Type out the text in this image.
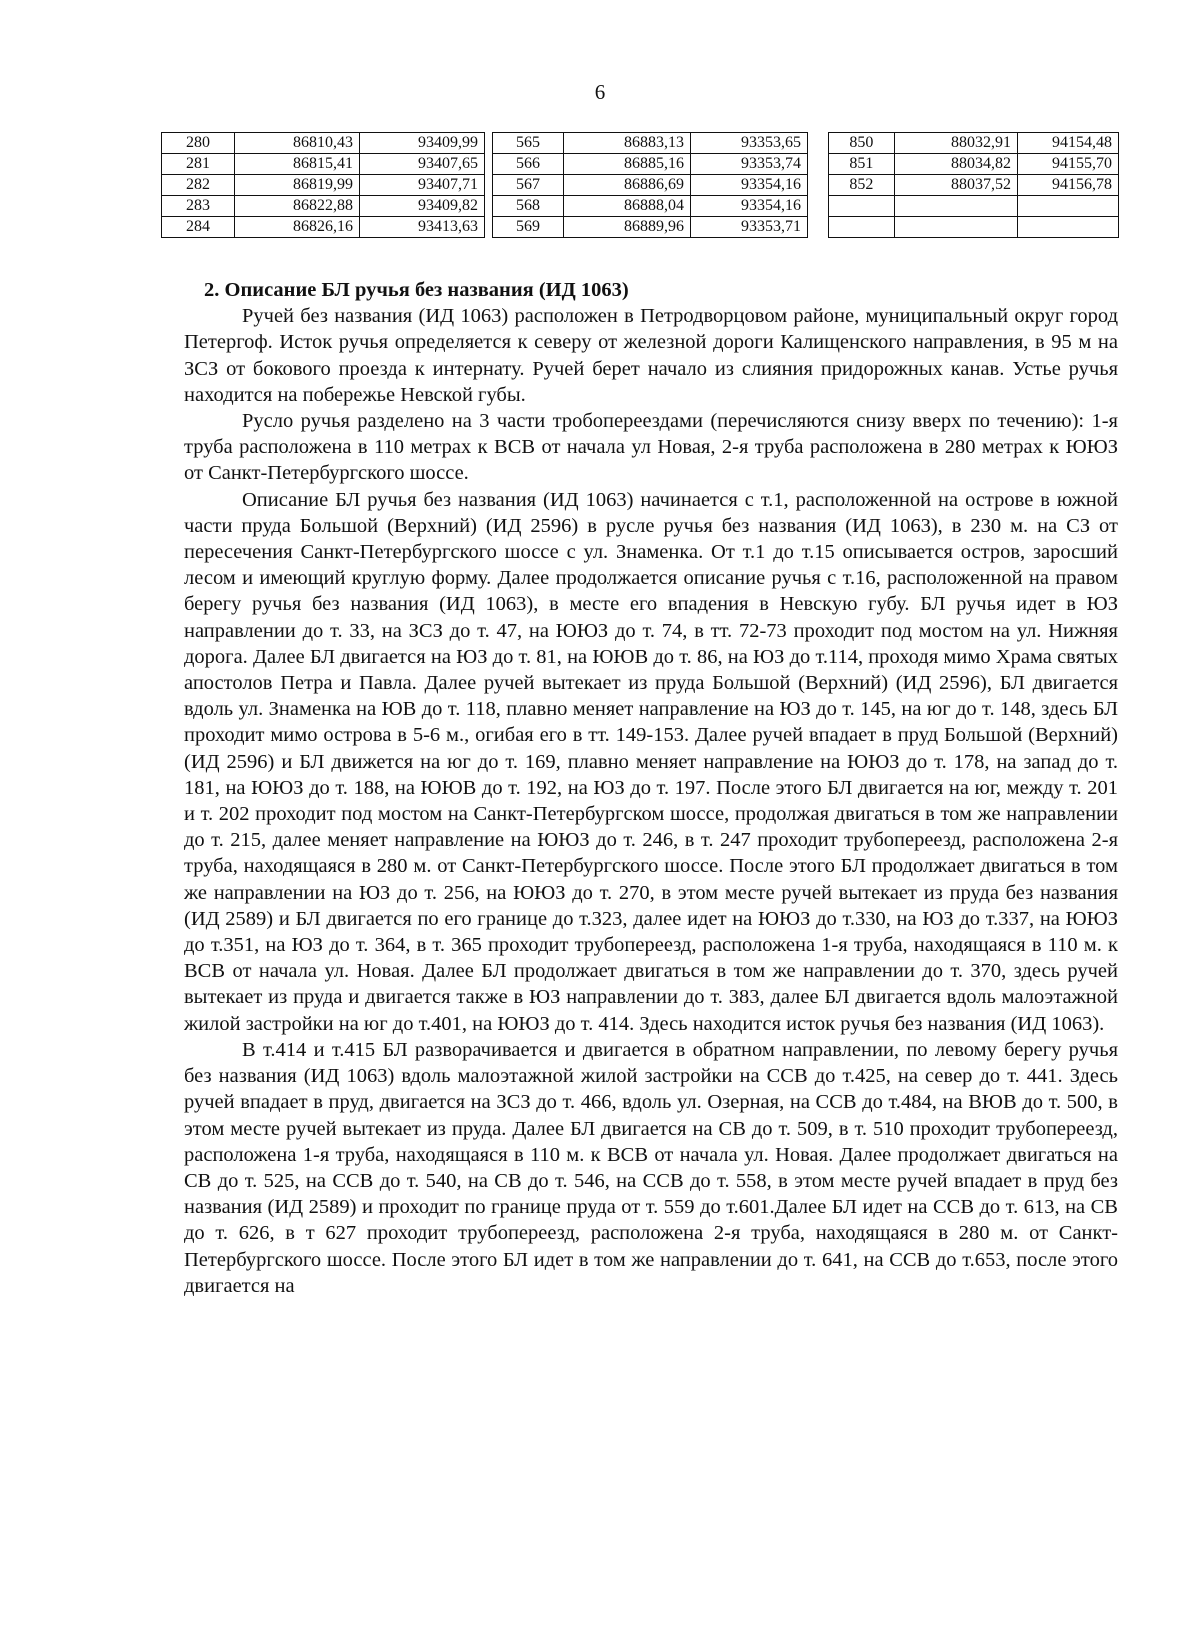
6
280	86810,43	93409,99
281	86815,41	93407,65
282	86819,99	93407,71
283	86822,88	93409,82
284	86826,16	93413,63
565	86883,13	93353,65
566	86885,16	93353,74
567	86886,69	93354,16
568	86888,04	93354,16
569	86889,96	93353,71
850	88032,91	94154,48
851	88034,82	94155,70
852	88037,52	94156,78

2. Описание БЛ ручья без названия (ИД 1063)

Ручей без названия (ИД 1063) расположен в Петродворцовом районе, муниципальный округ город Петергоф. Исток ручья определяется к северу от железной дороги Калищенского направления, в 95 м на ЗСЗ от бокового проезда к интернату. Ручей берет начало из слияния придорожных канав. Устье ручья находится на побережье Невской губы.

Русло ручья разделено на 3 части тробопереездами (перечисляются снизу вверх по течению): 1-я труба расположена в 110 метрах к ВСВ от начала ул Новая, 2-я труба расположена в 280 метрах к ЮЮЗ от Санкт-Петербургского шоссе.

Описание БЛ ручья без названия (ИД 1063) начинается с т.1, расположенной на острове в южной части пруда Большой (Верхний) (ИД 2596) в русле ручья без названия (ИД 1063), в 230 м. на СЗ от пересечения Санкт-Петербургского шоссе с ул. Знаменка. От т.1 до т.15 описывается остров, заросший лесом и имеющий круглую форму. Далее продолжается описание ручья с т.16, расположенной на правом берегу ручья без названия (ИД 1063), в месте его впадения в Невскую губу. БЛ ручья идет в ЮЗ направлении до т. 33, на ЗСЗ до т. 47, на ЮЮЗ до т. 74, в тт. 72-73 проходит под мостом на ул. Нижняя дорога. Далее БЛ двигается на ЮЗ до т. 81, на ЮЮВ до т. 86, на ЮЗ до т.114, проходя мимо Храма святых апостолов Петра и Павла. Далее ручей вытекает из пруда Большой (Верхний) (ИД 2596), БЛ двигается вдоль ул. Знаменка на ЮВ до т. 118, плавно меняет направление на ЮЗ до т. 145, на юг до т. 148, здесь БЛ проходит мимо острова в 5-6 м., огибая его в тт. 149-153. Далее ручей впадает в пруд Большой (Верхний) (ИД 2596) и БЛ движется на юг до т. 169, плавно меняет направление на ЮЮЗ до т. 178, на запад до т. 181, на ЮЮЗ до т. 188, на ЮЮВ до т. 192, на ЮЗ до т. 197. После этого БЛ двигается на юг, между т. 201 и т. 202 проходит под мостом на Санкт-Петербургском шоссе, продолжая двигаться в том же направлении до т. 215, далее меняет направление на ЮЮЗ до т. 246, в т. 247 проходит трубопереезд, расположена 2-я труба, находящаяся в 280 м. от Санкт-Петербургского шоссе. После этого БЛ продолжает двигаться в том же направлении на ЮЗ до т. 256, на ЮЮЗ до т. 270, в этом месте ручей вытекает из пруда без названия (ИД 2589) и БЛ двигается по его границе до т.323, далее идет на ЮЮЗ до т.330, на ЮЗ до т.337, на ЮЮЗ до т.351, на ЮЗ до т. 364, в т. 365 проходит трубопереезд, расположена 1-я труба, находящаяся в 110 м. к ВСВ от начала ул. Новая. Далее БЛ продолжает двигаться в том же направлении до т. 370, здесь ручей вытекает из пруда и двигается также в ЮЗ направлении до т. 383, далее БЛ двигается вдоль малоэтажной жилой застройки на юг до т.401, на ЮЮЗ до т. 414. Здесь находится исток ручья без названия (ИД 1063).

В т.414 и т.415 БЛ разворачивается и двигается в обратном направлении, по левому берегу ручья без названия (ИД 1063) вдоль малоэтажной жилой застройки на ССВ до т.425, на север до т. 441. Здесь ручей впадает в пруд, двигается на ЗСЗ до т. 466, вдоль ул. Озерная, на ССВ до т.484, на ВЮВ до т. 500, в этом месте ручей вытекает из пруда. Далее БЛ двигается на СВ до т. 509, в т. 510 проходит трубопереезд, расположена 1-я труба, находящаяся в 110 м. к ВСВ от начала ул. Новая. Далее продолжает двигаться на СВ до т. 525, на ССВ до т. 540, на СВ до т. 546, на ССВ до т. 558, в этом месте ручей впадает в пруд без названия (ИД 2589) и проходит по границе пруда от т. 559 до т.601.Далее БЛ идет на ССВ до т. 613, на СВ до т. 626, в т 627 проходит трубопереезд, расположена 2-я труба, находящаяся в 280 м. от Санкт-Петербургского шоссе. После этого БЛ идет в том же направлении до т. 641, на ССВ до т.653, после этого двигается на
